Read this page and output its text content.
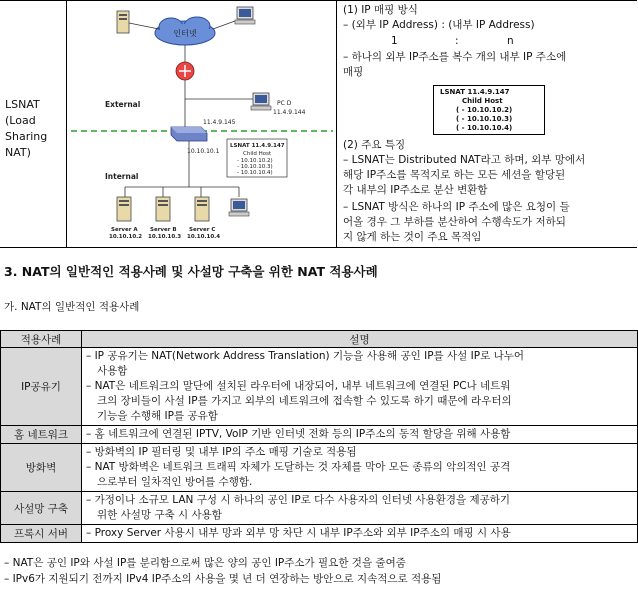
LSNAT
(Load
Sharing
NAT)
인터넷
External	PC D
11.4.9.144
11.4.9.145
10.10.10.1
LSNAT 11.4.9.147
Child Host
- 10.10.10.2)
- 10.10.10.3)
- 10.10.10.4)
Internal
Server A
10.10.10.2
Server B
10.10.10.3
Server C
10.10.10.4
(1) IP 매핑 방식
– (외부 IP Address) : (내부 IP Address)
1	:	n
– 하나의 외부 IP주소를 복수 개의 내부 IP 주소에
매핑
LSNAT 11.4.9.147
Child Host
( - 10.10.10.2)
( - 10.10.10.3)
( - 10.10.10.4)
(2) 주요 특징
– LSNAT는 Distributed NAT라고 하며, 외부 망에서
해당 IP주소를 목적지로 하는 모든 세션을 할당된
각 내부의 IP주소로 분산 변환함
– LSNAT 방식은 하나의 IP 주소에 많은 요청이 들
어올 경우 그 부하를 분산하여 수행속도가 저하되
지 않게 하는 것이 주요 목적임
3. NAT의 일반적인 적용사례 및 사설망 구축을 위한 NAT 적용사례
가. NAT의 일반적인 적용사례
적용사례	설명
IP공유기	– IP 공유기는 NAT(Network Address Translation) 기능을 사용해 공인 IP를 사설 IP로 나누어
사용함
– NAT은 네트워크의 말단에 설치된 라우터에 내장되어, 내부 네트워크에 연결된 PC나 네트워
크의 장비들이 사설 IP를 가지고 외부의 네트워크에 접속할 수 있도록 하기 때문에 라우터의
기능을 수행해 IP를 공유함

홈 네트워크	– 홈 네트워크에 연결된 IPTV, VoIP 기반 인터넷 전화 등의 IP주소의 동적 할당을 위해 사용함

방화벽	– 방화벽의 IP 필터링 및 내부 IP의 주소 매핑 기술로 적용됨
– NAT 방화벽은 네트워크 트래픽 자체가 도달하는 것 자체를 막아 모든 종류의 악의적인 공격
으로부터 일차적인 방어를 수행함.

사설망 구축	– 가정이나 소규모 LAN 구성 시 하나의 공인 IP로 다수 사용자의 인터넷 사용환경을 제공하기
위한 사설망 구축 시 사용함

프록시 서버	– Proxy Server 사용시 내부 망과 외부 망 차단 시 내부 IP주소와 외부 IP주소의 매핑 시 사용
– NAT은 공인 IP와 사설 IP를 분리함으로써 많은 양의 공인 IP주소가 필요한 것을 줄여줌
– IPv6가 지원되기 전까지 IPv4 IP주소의 사용을 몇 년 더 연장하는 방안으로 지속적으로 적용됨
